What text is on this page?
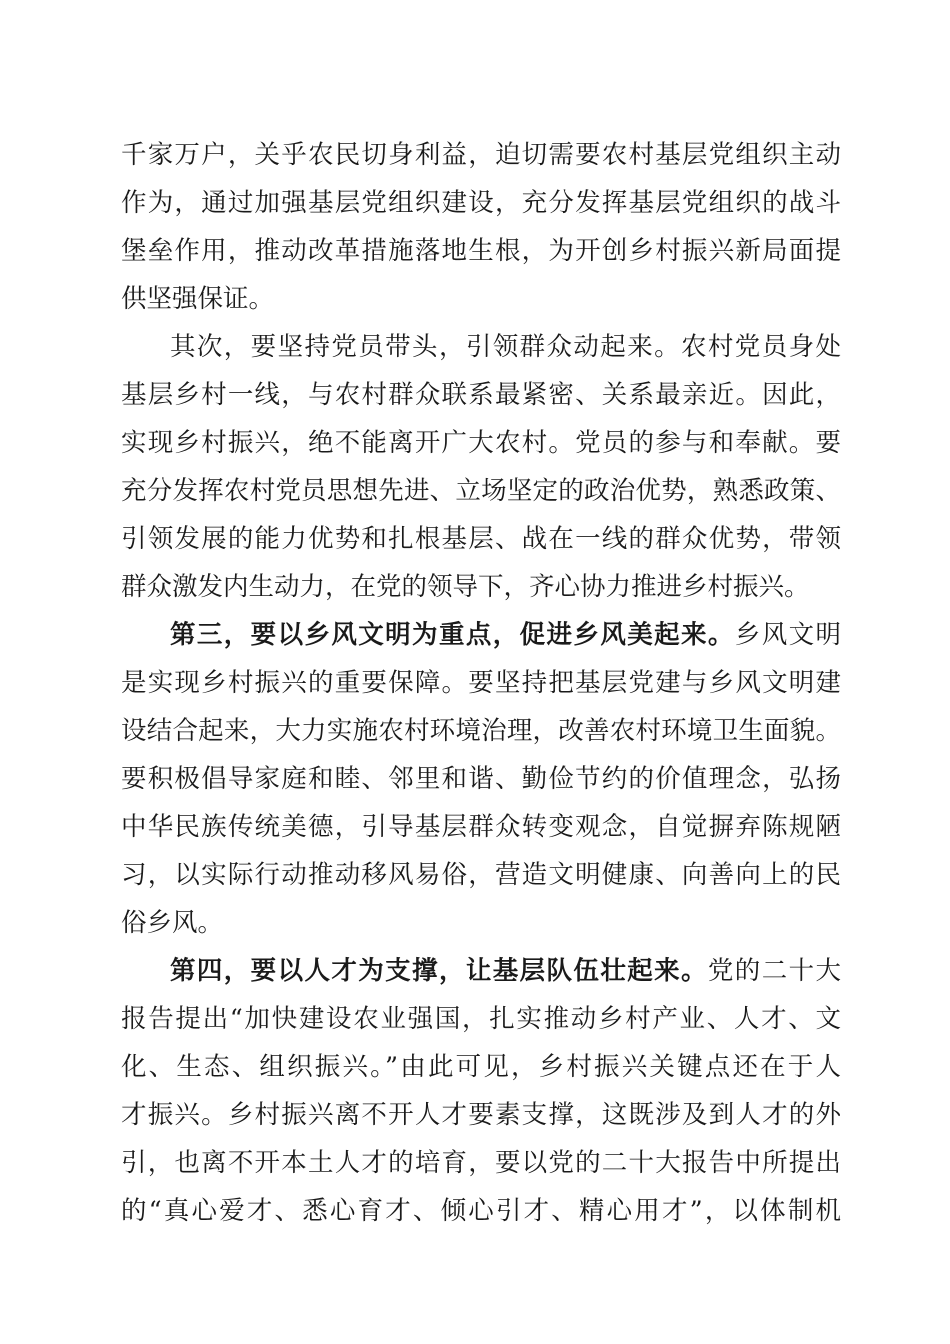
千家万户，关乎农民切身利益，迫切需要农村基层党组织主动
作为，通过加强基层党组织建设，充分发挥基层党组织的战斗
堡垒作用，推动改革措施落地生根，为开创乡村振兴新局面提
供坚强保证。
其次，要坚持党员带头，引领群众动起来。农村党员身处
基层乡村一线，与农村群众联系最紧密、关系最亲近。因此，
实现乡村振兴，绝不能离开广大农村。党员的参与和奉献。要
充分发挥农村党员思想先进、立场坚定的政治优势，熟悉政策、
引领发展的能力优势和扎根基层、战在一线的群众优势，带领
群众激发内生动力，在党的领导下，齐心协力推进乡村振兴。
第三，要以乡风文明为重点，促进乡风美起来。乡风文明
是实现乡村振兴的重要保障。要坚持把基层党建与乡风文明建
设结合起来，大力实施农村环境治理，改善农村环境卫生面貌。
要积极倡导家庭和睦、邻里和谐、勤俭节约的价值理念，弘扬
中华民族传统美德，引导基层群众转变观念，自觉摒弃陈规陋
习，以实际行动推动移风易俗，营造文明健康、向善向上的民
俗乡风。
第四，要以人才为支撑，让基层队伍壮起来。党的二十大
报告提出“加快建设农业强国，扎实推动乡村产业、人才、文
化、生态、组织振兴。”由此可见，乡村振兴关键点还在于人
才振兴。乡村振兴离不开人才要素支撑，这既涉及到人才的外
引，也离不开本土人才的培育，要以党的二十大报告中所提出
的“真心爱才、悉心育才、倾心引才、精心用才”，以体制机
